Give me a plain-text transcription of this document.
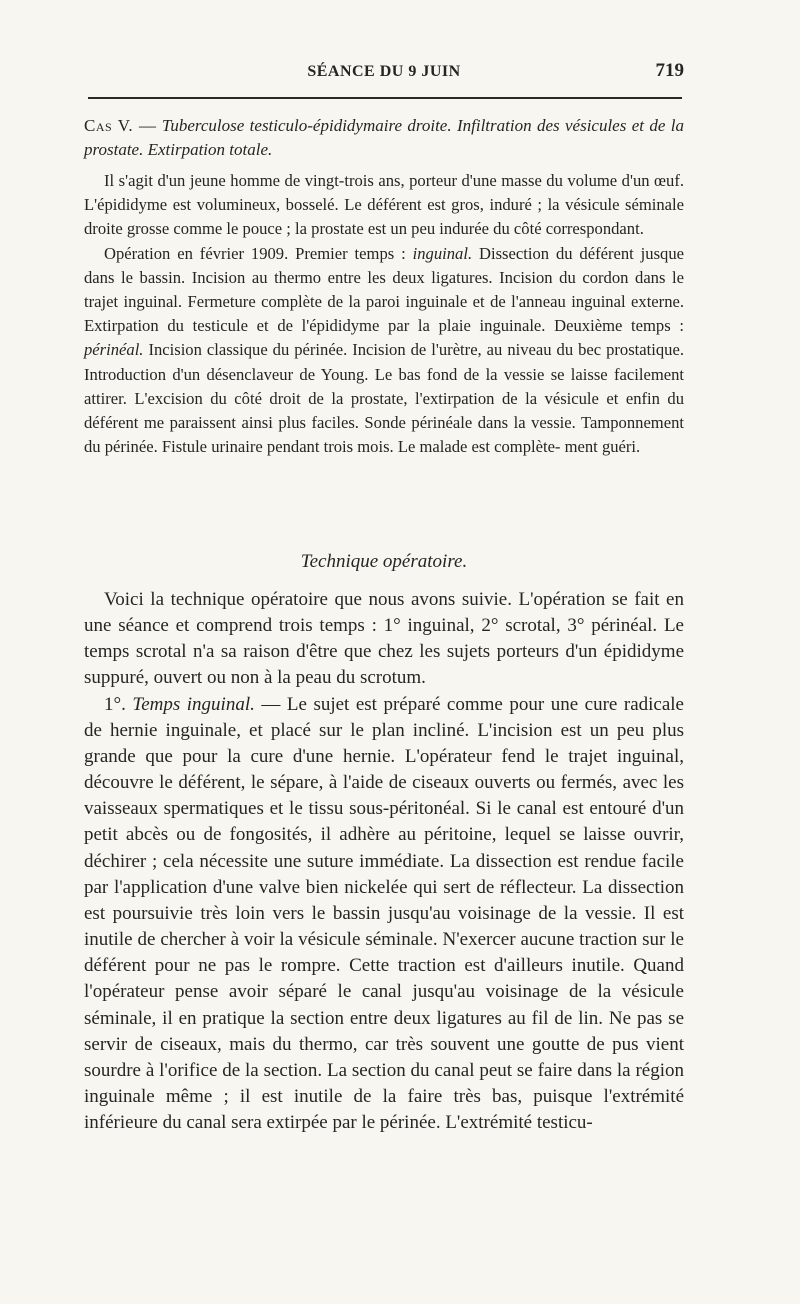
SÉANCE DU 9 JUIN	719
Cas V. — Tuberculose testiculo-épididymaire droite. Infiltration des vésicules et de la prostate. Extirpation totale.

Il s'agit d'un jeune homme de vingt-trois ans, porteur d'une masse du volume d'un œuf. L'épididyme est volumineux, bosselé. Le déférent est gros, induré ; la vésicule séminale droite grosse comme le pouce ; la prostate est un peu indurée du côté correspondant.

Opération en février 1909. Premier temps : inguinal. Dissection du déférent jusque dans le bassin. Incision au thermo entre les deux ligatures. Incision du cordon dans le trajet inguinal. Fermeture complète de la paroi inguinale et de l'anneau inguinal externe. Extirpation du testicule et de l'épididyme par la plaie inguinale. Deuxième temps : périnéal. Incision classique du périnée. Incision de l'urètre, au niveau du bec prostatique. Introduction d'un désenclaveur de Young. Le bas fond de la vessie se laisse facilement attirer. L'excision du côté droit de la prostate, l'extirpation de la vésicule et enfin du déférent me paraissent ainsi plus faciles. Sonde périnéale dans la vessie. Tamponnement du périnée. Fistule urinaire pendant trois mois. Le malade est complète- ment guéri.

Technique opératoire.

Voici la technique opératoire que nous avons suivie. L'opération se fait en une séance et comprend trois temps : 1° inguinal, 2° scrotal, 3° périnéal. Le temps scrotal n'a sa raison d'être que chez les sujets porteurs d'un épididyme suppuré, ouvert ou non à la peau du scrotum.

1°. Temps inguinal. — Le sujet est préparé comme pour une cure radicale de hernie inguinale, et placé sur le plan incliné. L'incision est un peu plus grande que pour la cure d'une hernie. L'opérateur fend le trajet inguinal, découvre le déférent, le sépare, à l'aide de ciseaux ouverts ou fermés, avec les vaisseaux spermatiques et le tissu sous-péritonéal. Si le canal est entouré d'un petit abcès ou de fongosités, il adhère au péritoine, lequel se laisse ouvrir, déchirer ; cela nécessite une suture immédiate. La dissection est rendue facile par l'application d'une valve bien nickelée qui sert de réflecteur. La dissection est poursuivie très loin vers le bassin jusqu'au voisinage de la vessie. Il est inutile de chercher à voir la vésicule séminale. N'exercer aucune traction sur le déférent pour ne pas le rompre. Cette traction est d'ailleurs inutile. Quand l'opérateur pense avoir séparé le canal jusqu'au voisinage de la vésicule séminale, il en pratique la section entre deux ligatures au fil de lin. Ne pas se servir de ciseaux, mais du thermo, car très souvent une goutte de pus vient sourdre à l'orifice de la section. La section du canal peut se faire dans la région inguinale même ; il est inutile de la faire très bas, puisque l'extrémité inférieure du canal sera extirpée par le périnée. L'extrémité testicu-
